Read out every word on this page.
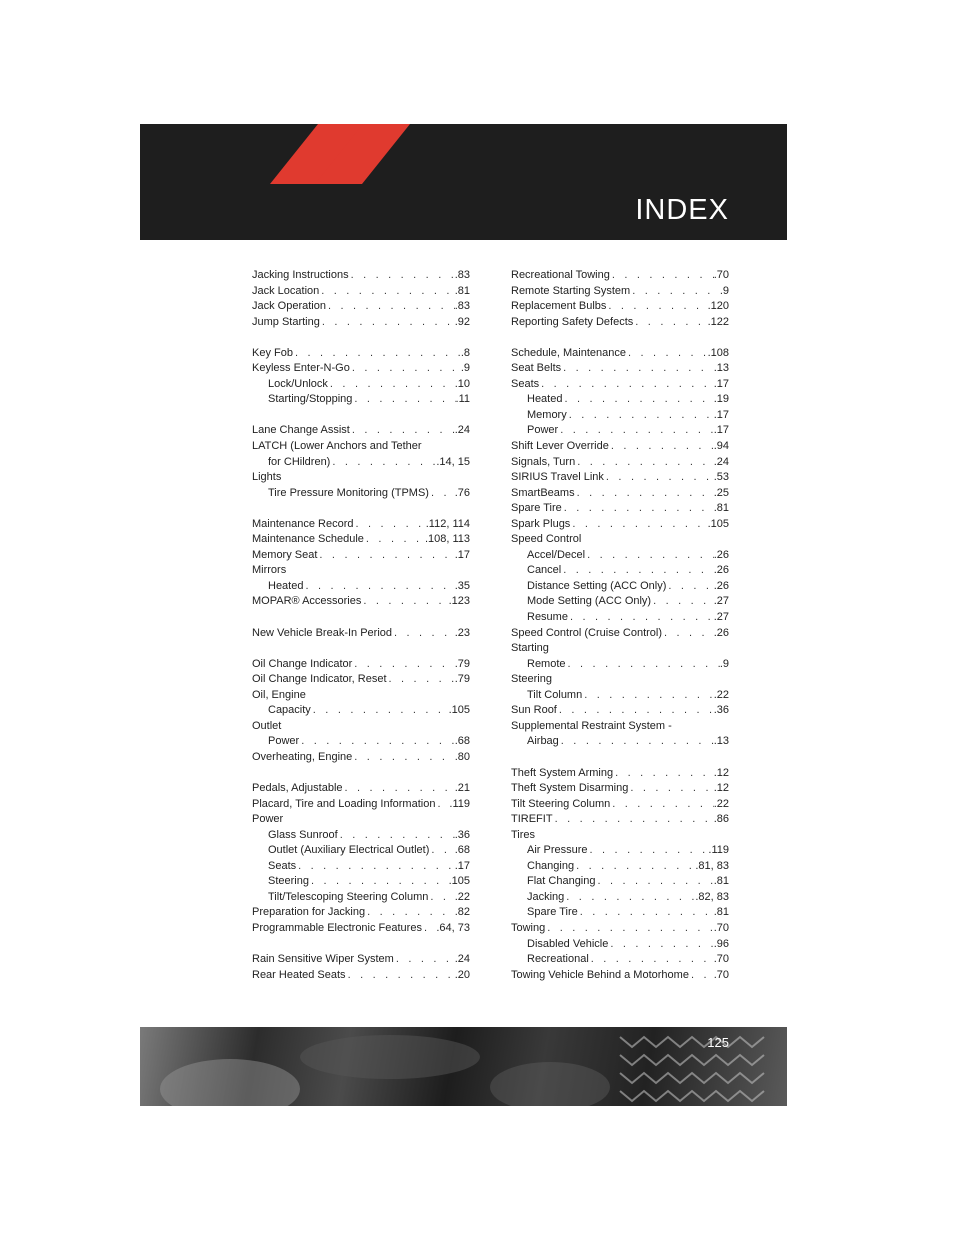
INDEX
Jacking Instructions . . .	.83
Jack Location . . .	.81
Jack Operation . . .	.83
Jump Starting . . .	.92
Key Fob . . .	.8
Keyless Enter-N-Go . . .	.9
Lock/Unlock . . .	.10
Starting/Stopping . . .	.11
Lane Change Assist . . .	.24
LATCH (Lower Anchors and Tether
for CHildren) . . .	.14, 15
Lights
Tire Pressure Monitoring (TPMS) . . . .76
Maintenance Record . . .	.112, 114
Maintenance Schedule . . .	.108, 113
Memory Seat . . .	.17
Mirrors
Heated . . .	.35
MOPAR® Accessories . . .	.123
New Vehicle Break-In Period . . .	.23
Oil Change Indicator . . .	.79
Oil Change Indicator, Reset . . .	.79
Oil, Engine
Capacity . . .	.105
Outlet
Power . . .	.68
Overheating, Engine . . .	.80
Pedals, Adjustable . . .	.21
Placard, Tire and Loading Information . . . .119
Power
Glass Sunroof . . .	.36
Outlet (Auxiliary Electrical Outlet) . . . .68
Seats . . .	.17
Steering . . .	.105
Tilt/Telescoping Steering Column . . . .22
Preparation for Jacking . . .	.82
Programmable Electronic Features . . . .64, 73
Rain Sensitive Wiper System . . .	.24
Rear Heated Seats . . .	.20
Recreational Towing . . .	.70
Remote Starting System . . .	.9
Replacement Bulbs . . .	.120
Reporting Safety Defects . . .	.122
Schedule, Maintenance . . .	.108
Seat Belts . . .	.13
Seats . . .	.17
Heated . . .	.19
Memory . . .	.17
Power . . .	.17
Shift Lever Override . . .	.94
Signals, Turn . . .	.24
SIRIUS Travel Link . . .	.53
SmartBeams . . .	.25
Spare Tire . . .	.81
Spark Plugs . . .	.105
Speed Control
Accel/Decel . . .	.26
Cancel . . .	.26
Distance Setting (ACC Only) . . .	.26
Mode Setting (ACC Only) . . .	.27
Resume . . .	.27
Speed Control (Cruise Control) . . .	.26
Starting
Remote . . .	.9
Steering
Tilt Column . . .	.22
Sun Roof . . .	.36
Supplemental Restraint System -
Airbag . . .	.13
Theft System Arming . . .	.12
Theft System Disarming . . .	.12
Tilt Steering Column . . .	.22
TIREFIT . . .	.86
Tires
Air Pressure . . .	.119
Changing . . .	.81, 83
Flat Changing . . .	.81
Jacking . . .	.82, 83
Spare Tire . . .	.81
Towing . . .	.70
Disabled Vehicle . . .	.96
Recreational . . .	.70
Towing Vehicle Behind a Motorhome . . . .70
125
